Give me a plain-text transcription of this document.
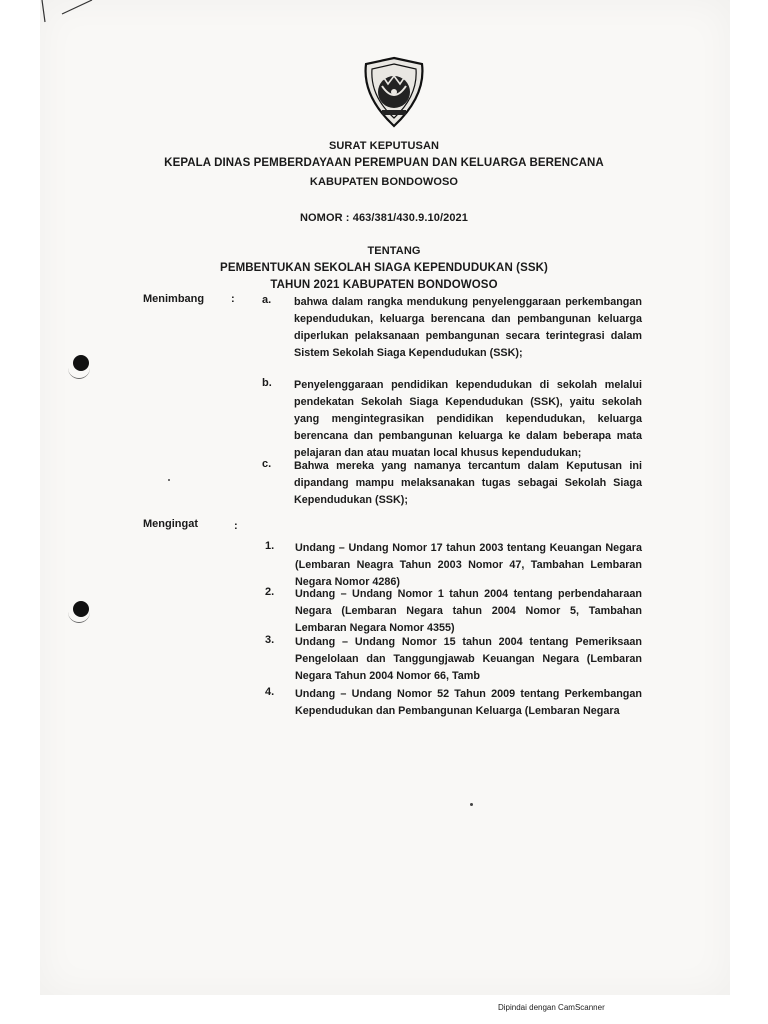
SURAT KEPUTUSAN
KEPALA DINAS PEMBERDAYAAN PEREMPUAN DAN KELUARGA BERENCANA
KABUPATEN BONDOWOSO
NOMOR : 463/381/430.9.10/2021
TENTANG
PEMBENTUKAN SEKOLAH SIAGA KEPENDUDUKAN (SSK)
TAHUN 2021 KABUPATEN BONDOWOSO
Menimbang : a. bahwa dalam rangka mendukung penyelenggaraan perkembangan kependudukan, keluarga berencana dan pembangunan keluarga diperlukan pelaksanaan pembangunan secara terintegrasi dalam Sistem Sekolah Siaga Kependudukan (SSK);
b. Penyelenggaraan pendidikan kependudukan di sekolah melalui pendekatan Sekolah Siaga Kependudukan (SSK), yaitu sekolah yang mengintegrasikan pendidikan kependudukan, keluarga berencana dan pembangunan keluarga ke dalam beberapa mata pelajaran dan atau muatan local khusus kependudukan;
c. Bahwa mereka yang namanya tercantum dalam Keputusan ini dipandang mampu melaksanakan tugas sebagai Sekolah Siaga Kependudukan (SSK);
Mengingat	:
1. Undang – Undang Nomor 17 tahun 2003 tentang Keuangan Negara (Lembaran Neagra Tahun 2003 Nomor 47, Tambahan Lembaran Negara Nomor 4286)
2. Undang – Undang Nomor 1 tahun 2004 tentang perbendaharaan Negara (Lembaran Negara tahun 2004 Nomor 5, Tambahan Lembaran Negara Nomor 4355)
3. Undang – Undang Nomor 15 tahun 2004 tentang Pemeriksaan Pengelolaan dan Tanggungjawab Keuangan Negara (Lembaran Negara Tahun 2004 Nomor 66, Tamb
4. Undang – Undang Nomor 52 Tahun 2009 tentang Perkembangan Kependudukan dan Pembangunan Keluarga (Lembaran Negara
Dipindai dengan CamScanner
